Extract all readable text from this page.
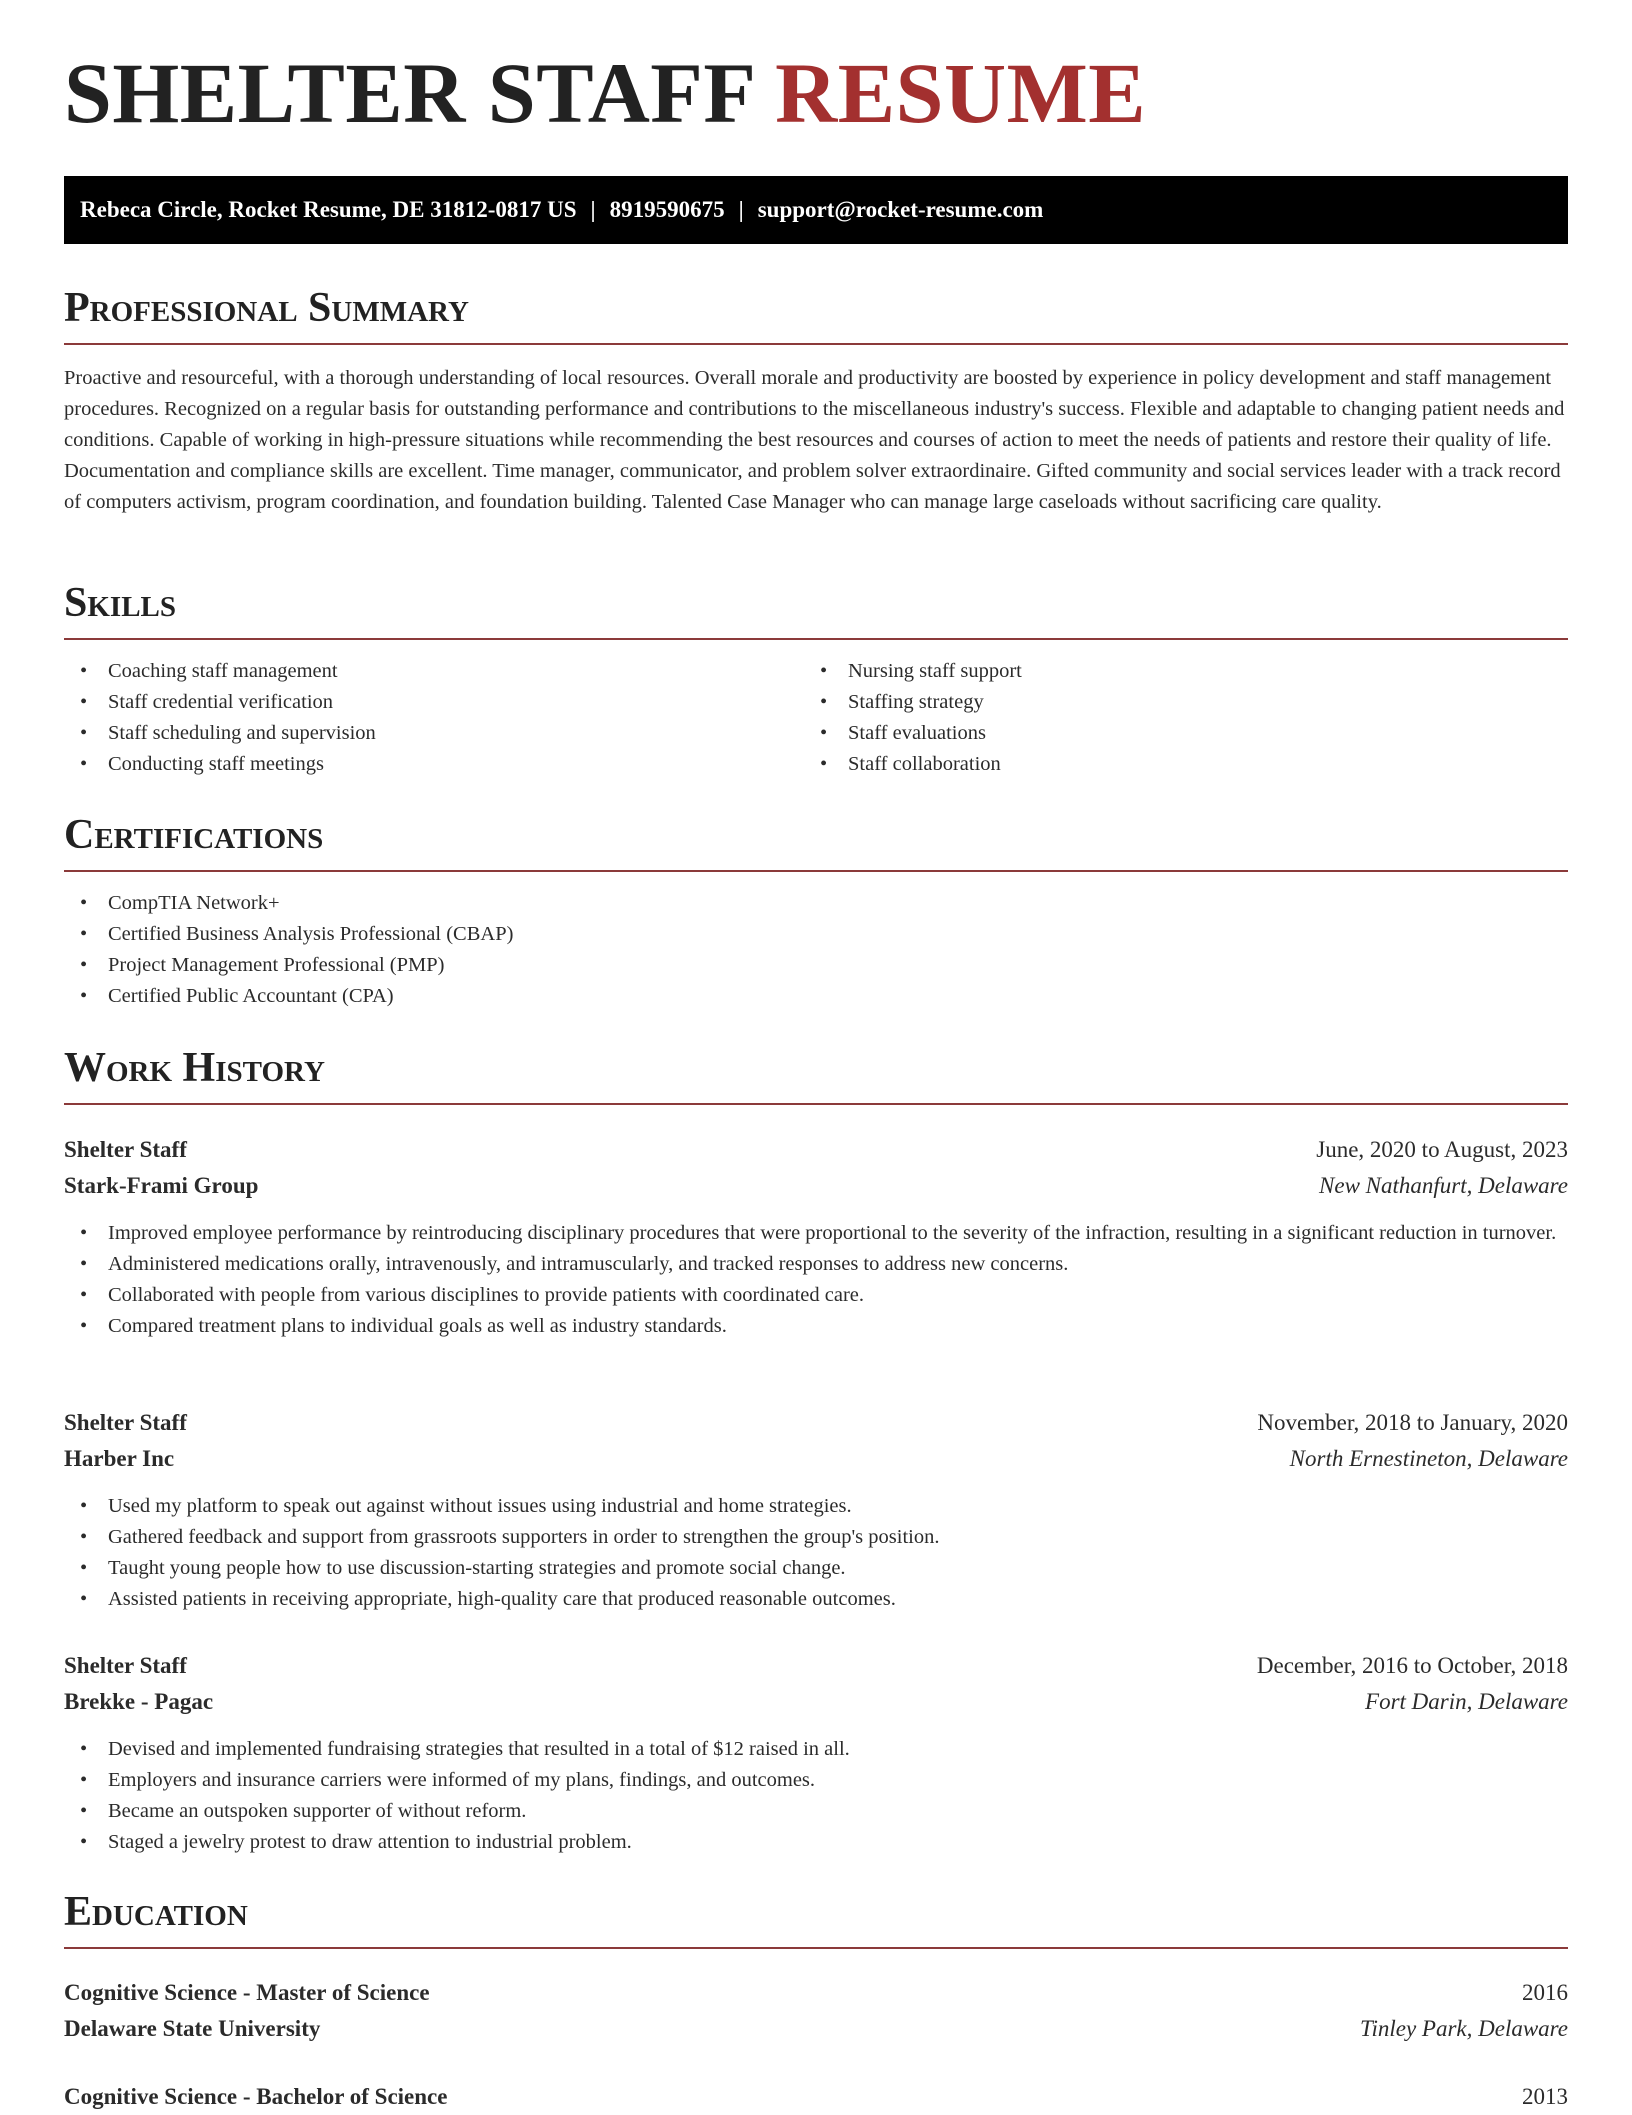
SHELTER STAFF RESUME
Rebeca Circle, Rocket Resume, DE 31812-0817 US | 8919590675 | support@rocket-resume.com
Professional Summary

Proactive and resourceful, with a thorough understanding of local resources. Overall morale and productivity are boosted by experience in policy development and staff management procedures. Recognized on a regular basis for outstanding performance and contributions to the miscellaneous industry's success. Flexible and adaptable to changing patient needs and conditions. Capable of working in high-pressure situations while recommending the best resources and courses of action to meet the needs of patients and restore their quality of life. Documentation and compliance skills are excellent. Time manager, communicator, and problem solver extraordinaire. Gifted community and social services leader with a track record of computers activism, program coordination, and foundation building. Talented Case Manager who can manage large caseloads without sacrificing care quality.

Skills
• Coaching staff management
• Staff credential verification
• Staff scheduling and supervision
• Conducting staff meetings
• Nursing staff support
• Staffing strategy
• Staff evaluations
• Staff collaboration
Certifications
• CompTIA Network+
• Certified Business Analysis Professional (CBAP)
• Project Management Professional (PMP)
• Certified Public Accountant (CPA)
Work History
Shelter Staff	June, 2020 to August, 2023
Stark-Frami Group	New Nathanfurt, Delaware
• Improved employee performance by reintroducing disciplinary procedures that were proportional to the severity of the infraction, resulting in a significant reduction in turnover.
• Administered medications orally, intravenously, and intramuscularly, and tracked responses to address new concerns.
• Collaborated with people from various disciplines to provide patients with coordinated care.
• Compared treatment plans to individual goals as well as industry standards.
Shelter Staff	November, 2018 to January, 2020
Harber Inc	North Ernestineton, Delaware
• Used my platform to speak out against without issues using industrial and home strategies.
• Gathered feedback and support from grassroots supporters in order to strengthen the group's position.
• Taught young people how to use discussion-starting strategies and promote social change.
• Assisted patients in receiving appropriate, high-quality care that produced reasonable outcomes.
Shelter Staff	December, 2016 to October, 2018
Brekke - Pagac	Fort Darin, Delaware
• Devised and implemented fundraising strategies that resulted in a total of $12 raised in all.
• Employers and insurance carriers were informed of my plans, findings, and outcomes.
• Became an outspoken supporter of without reform.
• Staged a jewelry protest to draw attention to industrial problem.
Education
Cognitive Science - Master of Science	2016
Delaware State University	Tinley Park, Delaware
Cognitive Science - Bachelor of Science	2013
